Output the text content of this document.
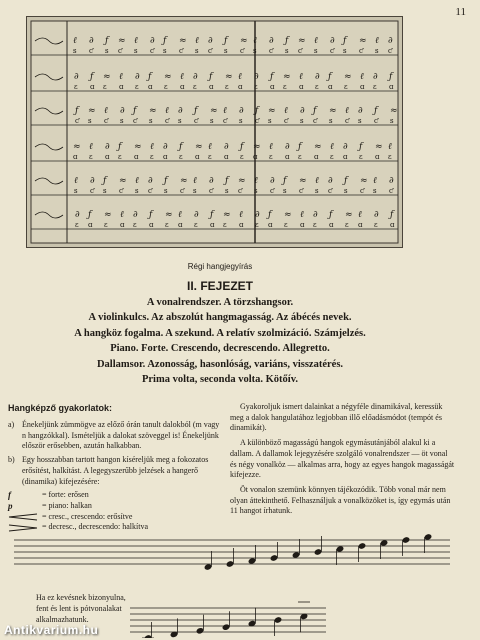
11
ℓ
ꜱ
∂
ƈ
ƒ
ꜱ
≈
ƈ
ℓ
ꜱ
∂
ƈ
ƒ
ꜱ
≈
ƈ
ℓ
ꜱ
∂
ƈ
ƒ
ꜱ
≈
ƈ
ℓ
ꜱ
∂
ƈ
ƒ
ꜱ
≈
ƈ
ℓ
ꜱ
∂
ƈ
ƒ
ꜱ
≈
ƈ
ℓ
ꜱ
∂
ƈ
∂
ɛ
ƒ
ɑ
≈
ɛ
ℓ
ɑ
∂
ɛ
ƒ
ɑ
≈
ɛ
ℓ
ɑ
∂
ɛ
ƒ
ɑ
≈
ɛ
ℓ
ɑ
∂
ɛ
ƒ
ɑ
≈
ɛ
ℓ
ɑ
∂
ɛ
ƒ
ɑ
≈
ɛ
ℓ
ɑ
∂
ɛ
ƒ
ɑ
ƒ
ƈ
≈
ꜱ
ℓ
ƈ
∂
ꜱ
ƒ
ƈ
≈
ꜱ
ℓ
ƈ
∂
ꜱ
ƒ
ƈ
≈
ꜱ
ℓ
ƈ
∂
ꜱ
ƒ
ƈ
≈
ꜱ
ℓ
ƈ
∂
ꜱ
ƒ
ƈ
≈
ꜱ
ℓ
ƈ
∂
ꜱ
ƒ
ƈ
≈
ꜱ
≈
ɑ
ℓ
ɛ
∂
ɑ
ƒ
ɛ
≈
ɑ
ℓ
ɛ
∂
ɑ
ƒ
ɛ
≈
ɑ
ℓ
ɛ
∂
ɑ
ƒ
ɛ
≈
ɑ
ℓ
ɛ
∂
ɑ
ƒ
ɛ
≈
ɑ
ℓ
ɛ
∂
ɑ
ƒ
ɛ
≈
ɑ
ℓ
ɛ
ℓ
ꜱ
∂
ƈ
ƒ
ꜱ
≈
ƈ
ℓ
ꜱ
∂
ƈ
ƒ
ꜱ
≈
ƈ
ℓ
ꜱ
∂
ƈ
ƒ
ꜱ
≈
ƈ
ℓ
ꜱ
∂
ƈ
ƒ
ꜱ
≈
ƈ
ℓ
ꜱ
∂
ƈ
ƒ
ꜱ
≈
ƈ
ℓ
ꜱ
∂
ƈ
∂
ɛ
ƒ
ɑ
≈
ɛ
ℓ
ɑ
∂
ɛ
ƒ
ɑ
≈
ɛ
ℓ
ɑ
∂
ɛ
ƒ
ɑ
≈
ɛ
ℓ
ɑ
∂
ɛ
ƒ
ɑ
≈
ɛ
ℓ
ɑ
∂
ɛ
ƒ
ɑ
≈
ɛ
ℓ
ɑ
∂
ɛ
ƒ
ɑ
Régi hangjegyírás
II. FEJEZET
A vonalrendszer. A törzshangsor.
A violinkulcs. Az abszolút hangmagasság. Az ábécés nevek.
A hangköz fogalma. A szekund. A relatív szolmizáció. Számjelzés.
Piano. Forte. Crescendo, decrescendo. Allegretto.
Dallamsor. Azonosság, hasonlóság, variáns, visszatérés.
Prima volta, seconda volta. Kötőív.
Hangképző gyakorlatok:
a) Énekeljünk zümmögve az előző órán tanult dalokból (m vagy n hangzókkal). Ismételjük a dalokat szöveggel is! Énekeljünk először erősebben, azután halkabban.
b) Egy hosszabban tartott hangon kíséreljük meg a fokozatos erősítést, halkítást. A legegyszerűbb jelzések a hangerő (dinamika) kifejezésére:
f	= forte: erősen
p	= piano: halkan
= cresc., crescendo: erősítve
= decresc., decrescendo: halkítva

Gyakoroljuk ismert dalainkat a négyféle dinamikával, keressük meg a dalok hangulatához legjobban illő előadásmódot (tempót és dinamikát).

A különböző magasságú hangok egymásutánjából alakul ki a dallam. A dallamok lejegyzésére szolgáló vonalrendszer — öt vonal és négy vonalköz — alkalmas arra, hogy az egyes hangok magasságát kifejezze.

Öt vonalon szemünk könnyen tájékozódik. Több vonal már nem olyan áttekinthető. Felhasználjuk a vonalközöket is, így egymás után 11 hangot írhatunk.

Ha ez kevésnek bizonyulna, fent és lent is pótvonalakat alkalmazhatunk.
Antikvarium.hu
